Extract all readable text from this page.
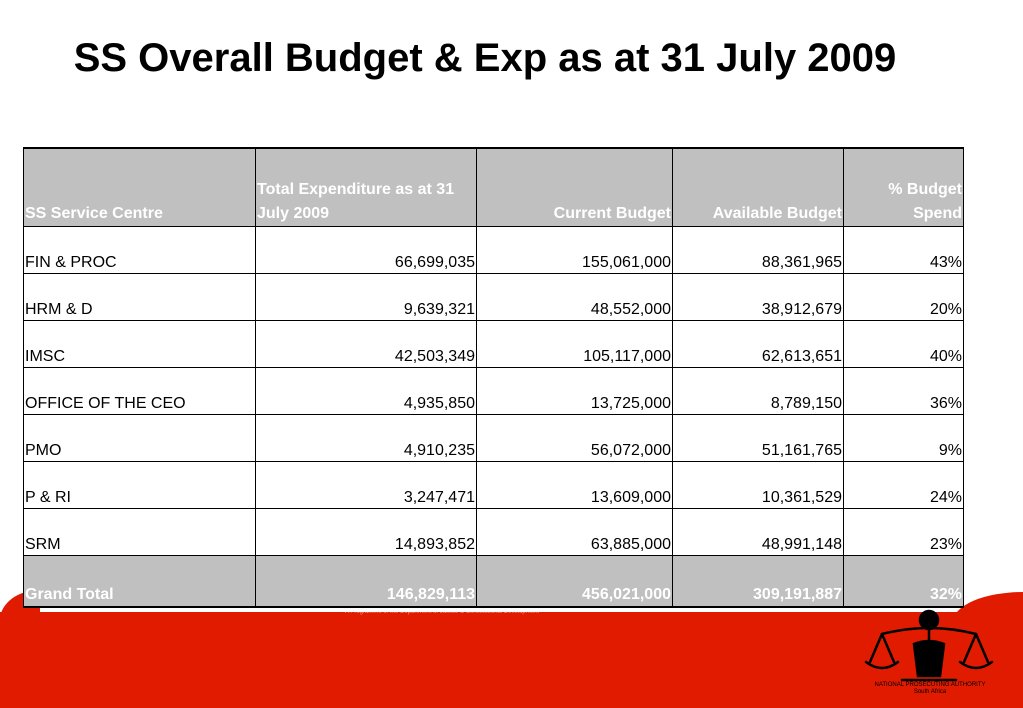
SS Overall Budget & Exp as at 31 July 2009
SS Service Centre	Total Expenditure as at 31 July 2009	Current Budget	Available Budget	% Budget Spend
FIN & PROC	66,699,035	155,061,000	88,361,965	43%
HRM & D	9,639,321	48,552,000	38,912,679	20%
IMSC	42,503,349	105,117,000	62,613,651	40%
OFFICE OF THE CEO	4,935,850	13,725,000	8,789,150	36%
PMO	4,910,235	56,072,000	51,161,765	9%
P & RI	3,247,471	13,609,000	10,361,529	24%
SRM	14,893,852	63,885,000	48,991,148	23%
Grand Total	146,829,113	456,021,000	309,191,887	32%
A Programme of the Department of Justice & Constitutional Development
NATIONAL PROSECUTING AUTHORITY
South Africa
